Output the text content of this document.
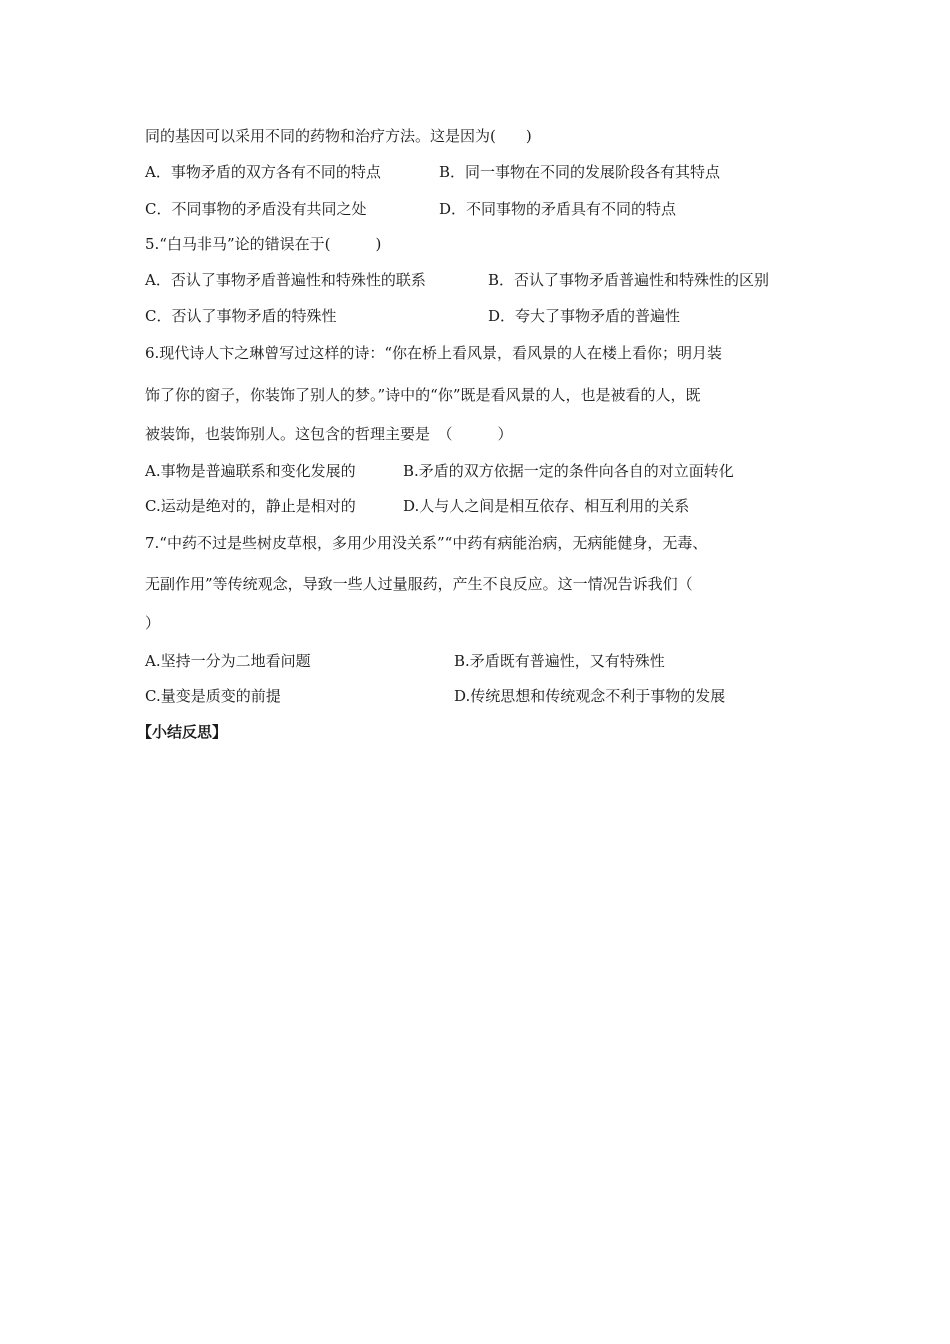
同的基因可以采用不同的药物和治疗方法。这是因为(　　)
A．事物矛盾的双方各有不同的特点	B．同一事物在不同的发展阶段各有其特点
C．不同事物的矛盾没有共同之处	D．不同事物的矛盾具有不同的特点
5.“白马非马”论的错误在于(　　　)
A．否认了事物矛盾普遍性和特殊性的联系	B．否认了事物矛盾普遍性和特殊性的区别
C．否认了事物矛盾的特殊性	D．夸大了事物矛盾的普遍性
6.现代诗人卞之琳曾写过这样的诗：“你在桥上看风景，看风景的人在楼上看你；明月装
饰了你的窗子，你装饰了别人的梦。”诗中的“你”既是看风景的人，也是被看的人，既
被装饰，也装饰别人。这包含的哲理主要是　（　　　）
A.事物是普遍联系和变化发展的	B.矛盾的双方依据一定的条件向各自的对立面转化
C.运动是绝对的，静止是相对的	D.人与人之间是相互依存、相互利用的关系
7.“中药不过是些树皮草根，多用少用没关系”“中药有病能治病，无病能健身，无毒、
无副作用”等传统观念，导致一些人过量服药，产生不良反应。这一情况告诉我们（
）
A.坚持一分为二地看问题	B.矛盾既有普遍性，又有特殊性
C.量变是质变的前提	D.传统思想和传统观念不利于事物的发展
【小结反思】
